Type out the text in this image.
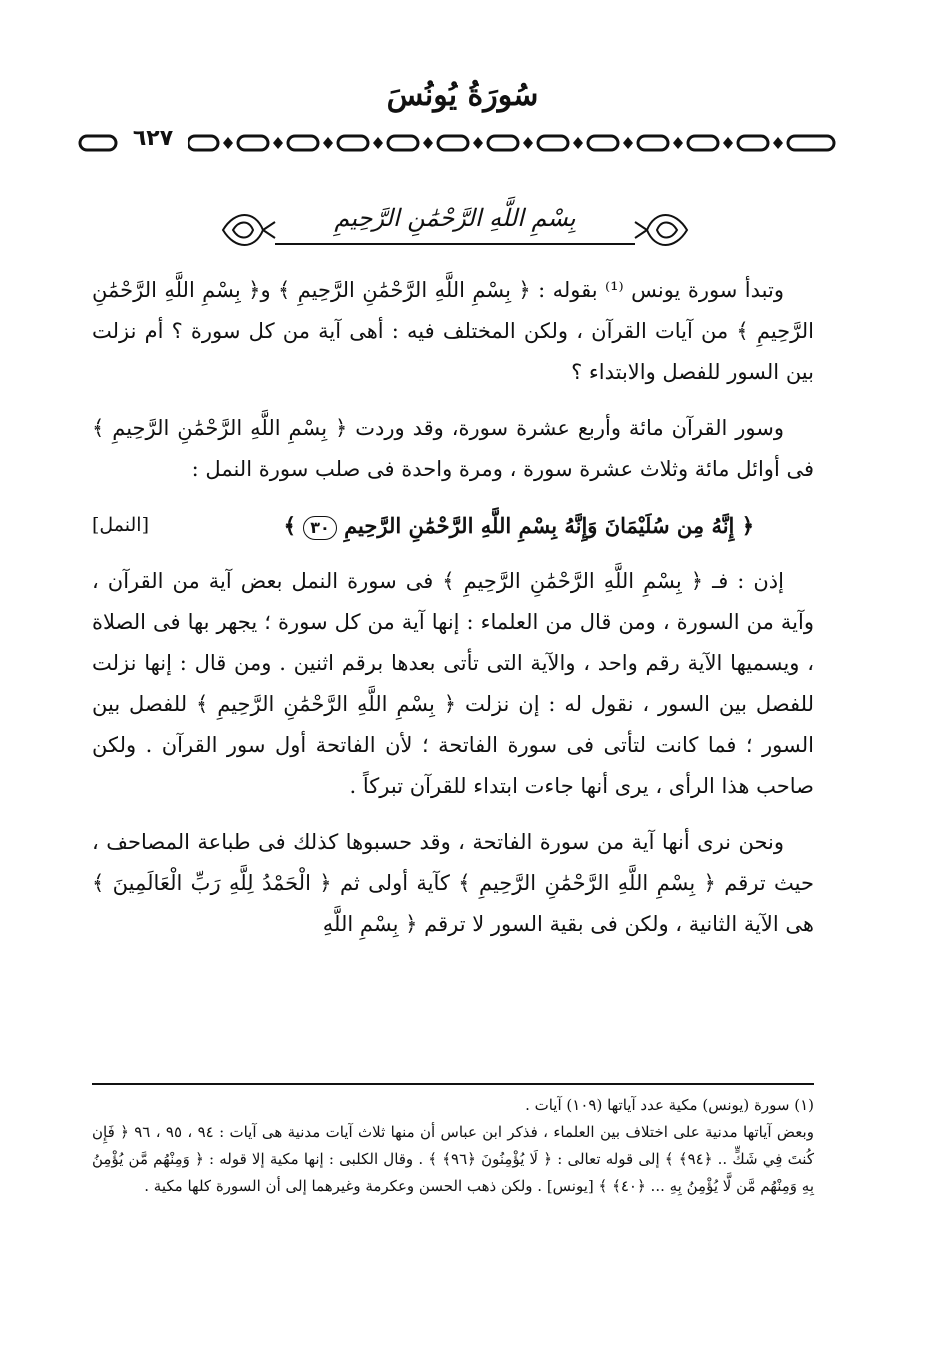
سُورَةُ يُونُسَ
٦٢٧
بِسْمِ اللَّهِ الرَّحْمَٰنِ الرَّحِيمِ

وتبدأ سورة يونس ⁽¹⁾ بقوله : ﴿ بِسْمِ اللَّهِ الرَّحْمَٰنِ الرَّحِيمِ ﴾ و﴿ بِسْمِ اللَّهِ الرَّحْمَٰنِ الرَّحِيمِ ﴾ من آيات القرآن ، ولكن المختلف فيه : أهى آية من كل سورة ؟ أم نزلت بين السور للفصل والابتداء ؟

وسور القرآن مائة وأربع عشرة سورة، وقد وردت ﴿ بِسْمِ اللَّهِ الرَّحْمَٰنِ الرَّحِيمِ ﴾ فى أوائل مائة وثلاث عشرة سورة ، ومرة واحدة فى صلب سورة النمل :

﴿ إِنَّهُ مِن سُلَيْمَانَ وَإِنَّهُ بِسْمِ اللَّهِ الرَّحْمَٰنِ الرَّحِيمِ ٣٠ ﴾
[النمل]

إذن : فـ ﴿ بِسْمِ اللَّهِ الرَّحْمَٰنِ الرَّحِيمِ ﴾ فى سورة النمل بعض آية من القرآن ، وآية من السورة ، ومن قال من العلماء : إنها آية من كل سورة ؛ يجهر بها فى الصلاة ، ويسميها الآية رقم واحد ، والآية التى تأتى بعدها برقم اثنين . ومن قال : إنها نزلت للفصل بين السور ، نقول له : إن نزلت ﴿ بِسْمِ اللَّهِ الرَّحْمَٰنِ الرَّحِيمِ ﴾ للفصل بين السور ؛ فما كانت لتأتى فى سورة الفاتحة ؛ لأن الفاتحة أول سور القرآن . ولكن صاحب هذا الرأى ، يرى أنها جاءت ابتداء للقرآن تبركاً .

ونحن نرى أنها آية من سورة الفاتحة ، وقد حسبوها كذلك فى طباعة المصاحف ، حيث ترقم ﴿ بِسْمِ اللَّهِ الرَّحْمَٰنِ الرَّحِيمِ ﴾ كآية أولى ثم ﴿ الْحَمْدُ لِلَّهِ رَبِّ الْعَالَمِينَ ﴾ هى الآية الثانية ، ولكن فى بقية السور لا ترقم ﴿ بِسْمِ اللَّهِ

(١) سورة (يونس) مكية عدد آياتها (١٠٩) آيات .

وبعض آياتها مدنية على اختلاف بين العلماء ، فذكر ابن عباس أن منها ثلاث آيات مدنية هى آيات : ٩٤ ، ٩٥ ، ٩٦ ﴿ فَإِن كُنتَ فِي شَكٍّ .. ﴿٩٤﴾ ﴾ إلى قوله تعالى : ﴿ لَا يُؤْمِنُونَ ﴿٩٦﴾ ﴾ . وقال الكلبى : إنها مكية إلا قوله : ﴿ وَمِنْهُم مَّن يُؤْمِنُ بِهِ وَمِنْهُم مَّن لَّا يُؤْمِنُ بِهِ ... ﴿٤٠﴾ ﴾ [يونس] . ولكن ذهب الحسن وعكرمة وغيرهما إلى أن السورة كلها مكية .
